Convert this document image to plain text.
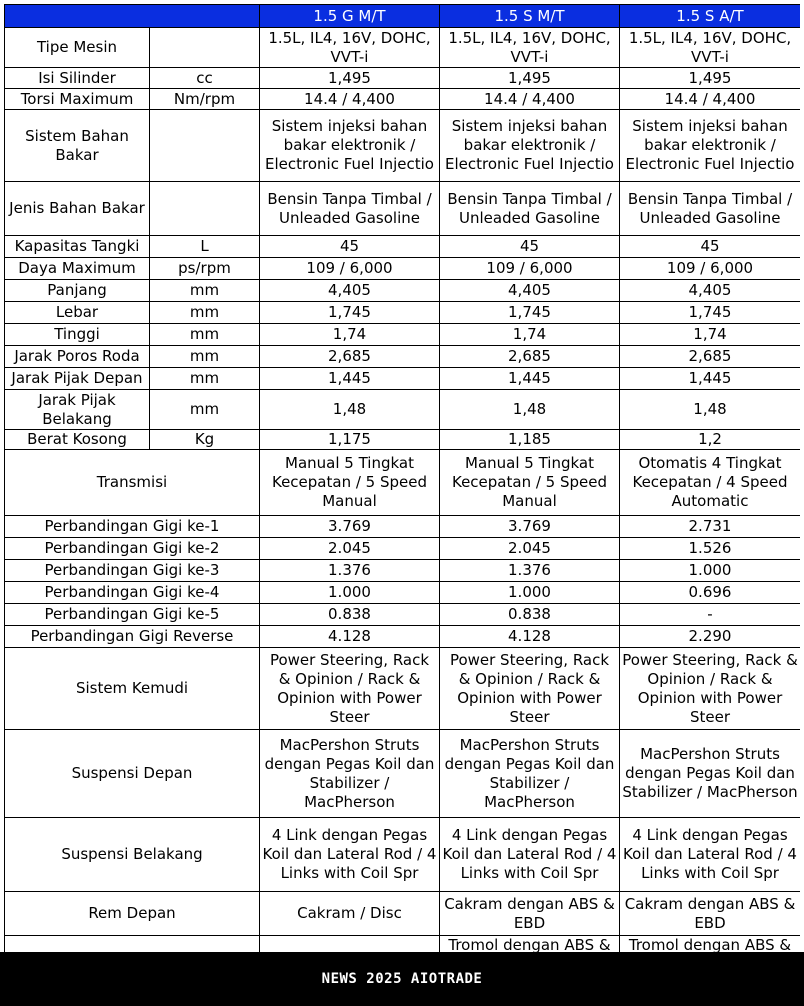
		1.5 G M/T	1.5 S M/T	1.5 S A/T
Tipe Mesin		1.5L, IL4, 16V, DOHC, VVT-i	1.5L, IL4, 16V, DOHC, VVT-i	1.5L, IL4, 16V, DOHC, VVT-i
Isi Silinder	cc	1,495	1,495	1,495
Torsi Maximum	Nm/rpm	14.4 / 4,400	14.4 / 4,400	14.4 / 4,400
Sistem Bahan Bakar		Sistem injeksi bahan bakar elektronik / Electronic Fuel Injectio	Sistem injeksi bahan bakar elektronik / Electronic Fuel Injectio	Sistem injeksi bahan bakar elektronik / Electronic Fuel Injectio
Jenis Bahan Bakar		Bensin Tanpa Timbal / Unleaded Gasoline	Bensin Tanpa Timbal / Unleaded Gasoline	Bensin Tanpa Timbal / Unleaded Gasoline
Kapasitas Tangki	L	45	45	45
Daya Maximum	ps/rpm	109 / 6,000	109 / 6,000	109 / 6,000
Panjang	mm	4,405	4,405	4,405
Lebar	mm	1,745	1,745	1,745
Tinggi	mm	1,74	1,74	1,74
Jarak Poros Roda	mm	2,685	2,685	2,685
Jarak Pijak Depan	mm	1,445	1,445	1,445
Jarak Pijak Belakang	mm	1,48	1,48	1,48
Berat Kosong	Kg	1,175	1,185	1,2
Transmisi		Manual 5 Tingkat Kecepatan / 5 Speed Manual	Manual 5 Tingkat Kecepatan / 5 Speed Manual	Otomatis 4 Tingkat Kecepatan / 4 Speed Automatic
Perbandingan Gigi ke-1		3.769	3.769	2.731
Perbandingan Gigi ke-2		2.045	2.045	1.526
Perbandingan Gigi ke-3		1.376	1.376	1.000
Perbandingan Gigi ke-4		1.000	1.000	0.696
Perbandingan Gigi ke-5		0.838	0.838	-
Perbandingan Gigi Reverse		4.128	4.128	2.290
Sistem Kemudi		Power Steering, Rack & Opinion / Rack & Opinion with Power Steer	Power Steering, Rack & Opinion / Rack & Opinion with Power Steer	Power Steering, Rack & Opinion / Rack & Opinion with Power Steer
Suspensi Depan		MacPershon Struts dengan Pegas Koil dan Stabilizer / MacPherson	MacPershon Struts dengan Pegas Koil dan Stabilizer / MacPherson	MacPershon Struts dengan Pegas Koil dan Stabilizer / MacPherson
Suspensi Belakang		4 Link dengan Pegas Koil dan Lateral Rod / 4 Links with Coil Spr	4 Link dengan Pegas Koil dan Lateral Rod / 4 Links with Coil Spr	4 Link dengan Pegas Koil dan Lateral Rod / 4 Links with Coil Spr
Rem Depan		Cakram / Disc	Cakram dengan ABS & EBD	Cakram dengan ABS & EBD
			Tromol dengan ABS &	Tromol dengan ABS &
NEWS 2025 AIOTRADE
